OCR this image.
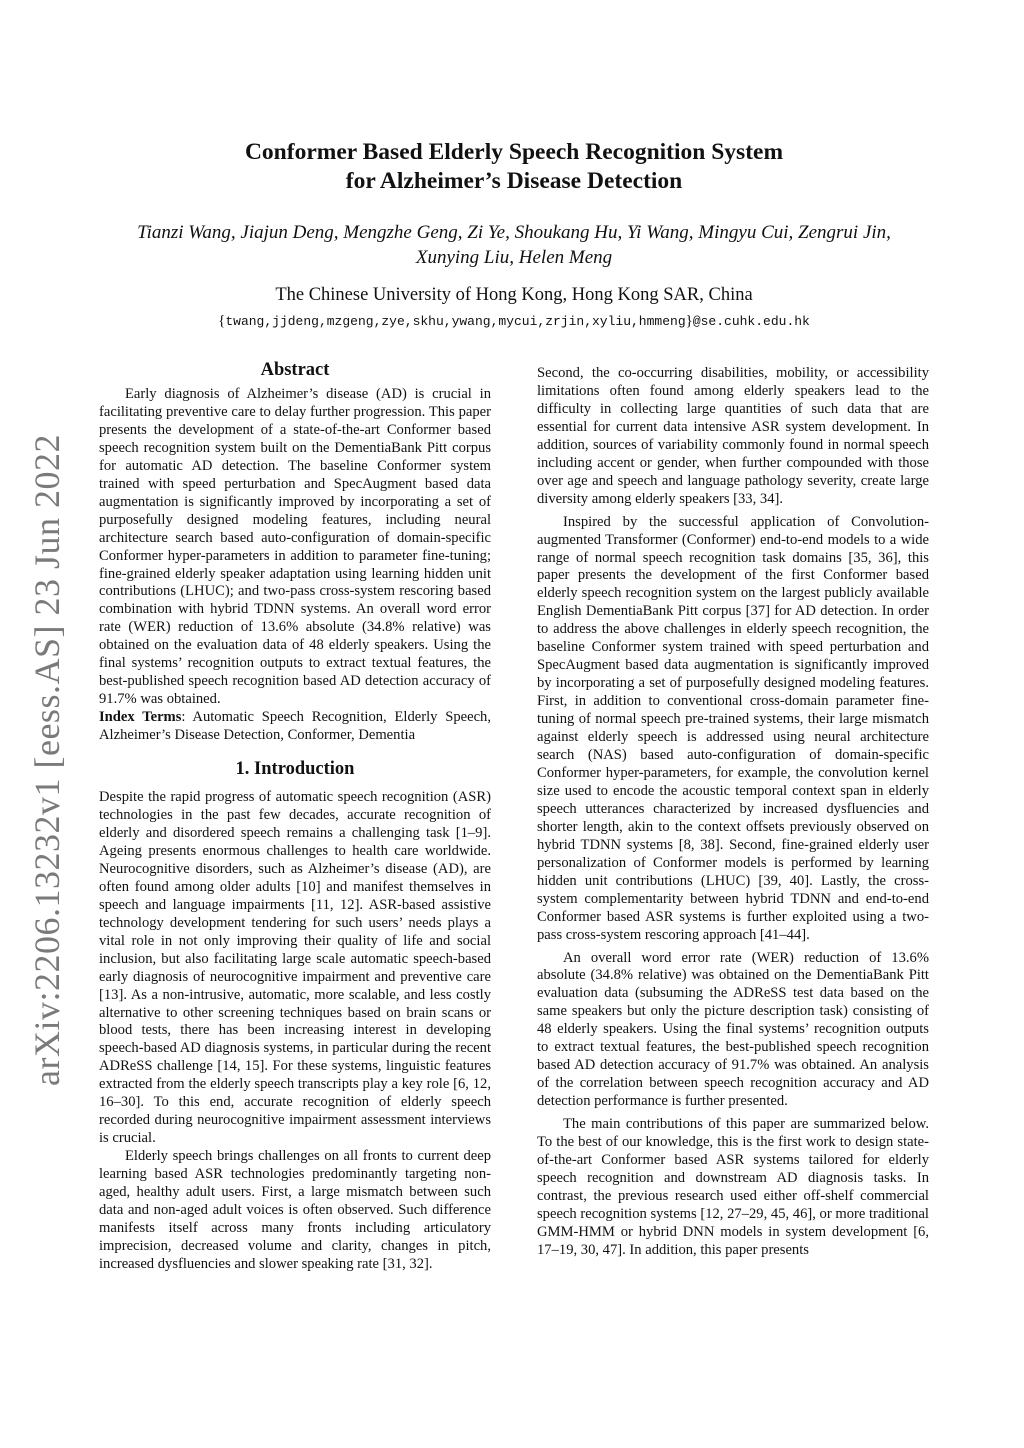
arXiv:2206.13232v1 [eess.AS] 23 Jun 2022
Conformer Based Elderly Speech Recognition System
for Alzheimer’s Disease Detection
Tianzi Wang, Jiajun Deng, Mengzhe Geng, Zi Ye, Shoukang Hu, Yi Wang, Mingyu Cui, Zengrui Jin,
Xunying Liu, Helen Meng
The Chinese University of Hong Kong, Hong Kong SAR, China
{twang,jjdeng,mzgeng,zye,skhu,ywang,mycui,zrjin,xyliu,hmmeng}@se.cuhk.edu.hk
Abstract

Early diagnosis of Alzheimer’s disease (AD) is crucial in facilitating preventive care to delay further progression. This paper presents the development of a state-of-the-art Conformer based speech recognition system built on the DementiaBank Pitt corpus for automatic AD detection. The baseline Conformer system trained with speed perturbation and SpecAugment based data augmentation is significantly improved by incorporating a set of purposefully designed modeling features, including neural architecture search based auto-configuration of domain-specific Conformer hyper-parameters in addition to parameter fine-tuning; fine-grained elderly speaker adaptation using learning hidden unit contributions (LHUC); and two-pass cross-system rescoring based combination with hybrid TDNN systems. An overall word error rate (WER) reduction of 13.6% absolute (34.8% relative) was obtained on the evaluation data of 48 elderly speakers. Using the final systems’ recognition outputs to extract textual features, the best-published speech recognition based AD detection accuracy of 91.7% was obtained.

Index Terms: Automatic Speech Recognition, Elderly Speech, Alzheimer’s Disease Detection, Conformer, Dementia

1. Introduction

Despite the rapid progress of automatic speech recognition (ASR) technologies in the past few decades, accurate recognition of elderly and disordered speech remains a challenging task [1–9]. Ageing presents enormous challenges to health care worldwide. Neurocognitive disorders, such as Alzheimer’s disease (AD), are often found among older adults [10] and manifest themselves in speech and language impairments [11, 12]. ASR-based assistive technology development tendering for such users’ needs plays a vital role in not only improving their quality of life and social inclusion, but also facilitating large scale automatic speech-based early diagnosis of neurocognitive impairment and preventive care [13]. As a non-intrusive, automatic, more scalable, and less costly alternative to other screening techniques based on brain scans or blood tests, there has been increasing interest in developing speech-based AD diagnosis systems, in particular during the recent ADReSS challenge [14, 15]. For these systems, linguistic features extracted from the elderly speech transcripts play a key role [6, 12, 16–30]. To this end, accurate recognition of elderly speech recorded during neurocognitive impairment assessment interviews is crucial.

Elderly speech brings challenges on all fronts to current deep learning based ASR technologies predominantly targeting non-aged, healthy adult users. First, a large mismatch between such data and non-aged adult voices is often observed. Such difference manifests itself across many fronts including articulatory imprecision, decreased volume and clarity, changes in pitch, increased dysfluencies and slower speaking rate [31, 32].

Second, the co-occurring disabilities, mobility, or accessibility limitations often found among elderly speakers lead to the difficulty in collecting large quantities of such data that are essential for current data intensive ASR system development. In addition, sources of variability commonly found in normal speech including accent or gender, when further compounded with those over age and speech and language pathology severity, create large diversity among elderly speakers [33, 34].

Inspired by the successful application of Convolution-augmented Transformer (Conformer) end-to-end models to a wide range of normal speech recognition task domains [35, 36], this paper presents the development of the first Conformer based elderly speech recognition system on the largest publicly available English DementiaBank Pitt corpus [37] for AD detection. In order to address the above challenges in elderly speech recognition, the baseline Conformer system trained with speed perturbation and SpecAugment based data augmentation is significantly improved by incorporating a set of purposefully designed modeling features. First, in addition to conventional cross-domain parameter fine-tuning of normal speech pre-trained systems, their large mismatch against elderly speech is addressed using neural architecture search (NAS) based auto-configuration of domain-specific Conformer hyper-parameters, for example, the convolution kernel size used to encode the acoustic temporal context span in elderly speech utterances characterized by increased dysfluencies and shorter length, akin to the context offsets previously observed on hybrid TDNN systems [8, 38]. Second, fine-grained elderly user personalization of Conformer models is performed by learning hidden unit contributions (LHUC) [39, 40]. Lastly, the cross-system complementarity between hybrid TDNN and end-to-end Conformer based ASR systems is further exploited using a two-pass cross-system rescoring approach [41–44].

An overall word error rate (WER) reduction of 13.6% absolute (34.8% relative) was obtained on the DementiaBank Pitt evaluation data (subsuming the ADReSS test data based on the same speakers but only the picture description task) consisting of 48 elderly speakers. Using the final systems’ recognition outputs to extract textual features, the best-published speech recognition based AD detection accuracy of 91.7% was obtained. An analysis of the correlation between speech recognition accuracy and AD detection performance is further presented.

The main contributions of this paper are summarized below. To the best of our knowledge, this is the first work to design state-of-the-art Conformer based ASR systems tailored for elderly speech recognition and downstream AD diagnosis tasks. In contrast, the previous research used either off-shelf commercial speech recognition systems [12, 27–29, 45, 46], or more traditional GMM-HMM or hybrid DNN models in system development [6, 17–19, 30, 47]. In addition, this paper presents
